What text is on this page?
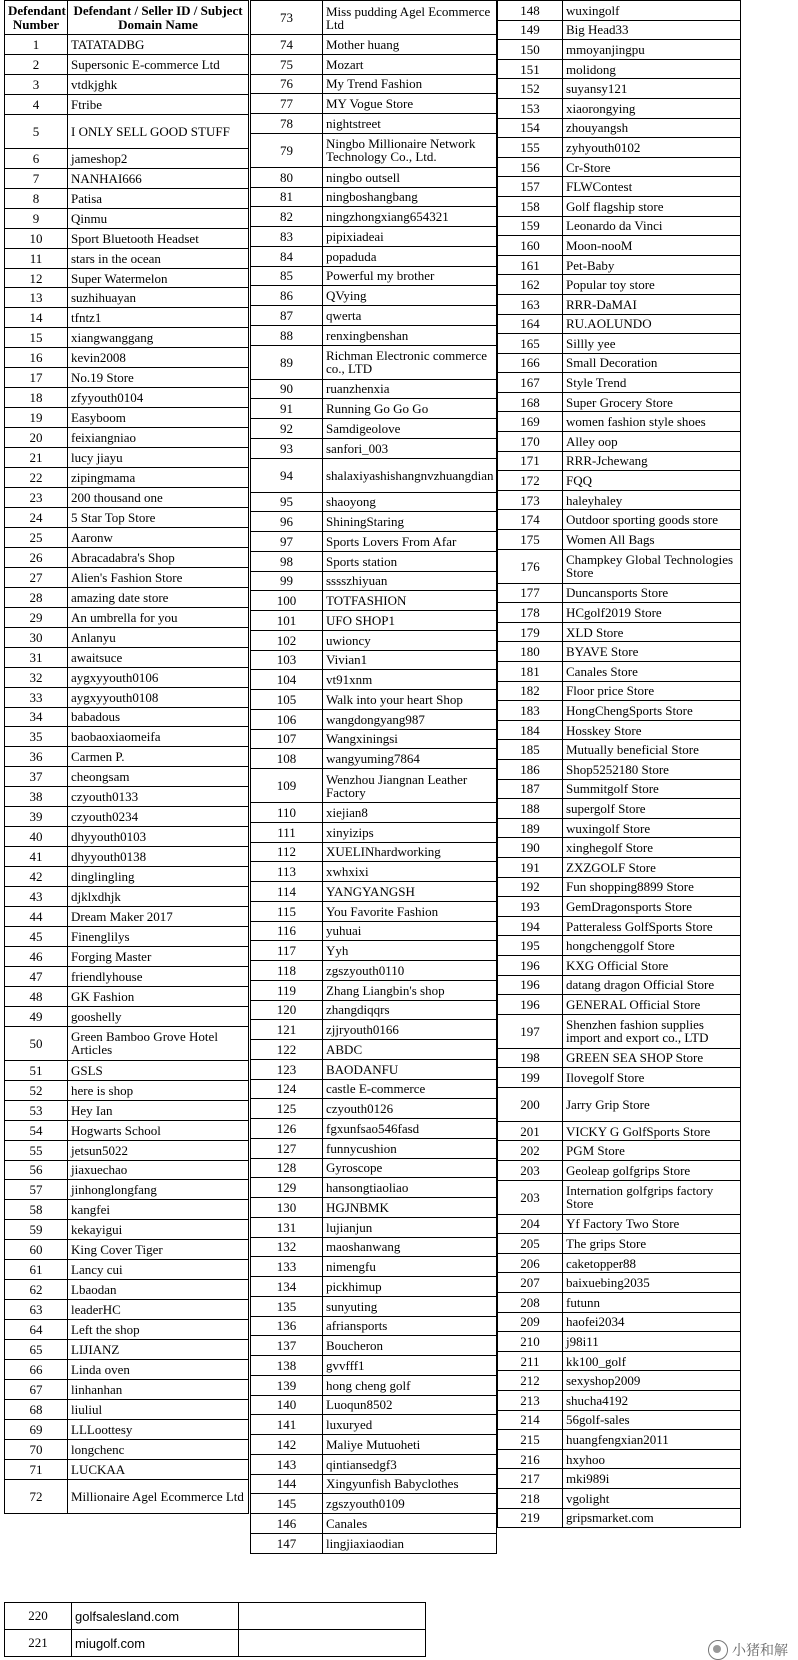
Defendant Number	Defendant / Seller ID / Subject Domain Name
1	TATATADBG
2	Supersonic E-commerce Ltd
3	vtdkjghk
4	Ftribe
5	I ONLY SELL GOOD STUFF
6	jameshop2
7	NANHAI666
8	Patisa
9	Qinmu
10	Sport Bluetooth Headset
11	stars in the ocean
12	Super Watermelon
13	suzhihuayan
14	tfntz1
15	xiangwanggang
16	kevin2008
17	No.19 Store
18	zfyyouth0104
19	Easyboom
20	feixiangniao
21	lucy jiayu
22	zipingmama
23	200 thousand one
24	5 Star Top Store
25	Aaronw
26	Abracadabra's Shop
27	Alien's Fashion Store
28	amazing date store
29	An umbrella for you
30	Anlanyu
31	awaitsuce
32	aygxyyouth0106
33	aygxyyouth0108
34	babadous
35	baobaoxiaomeifa
36	Carmen P.
37	cheongsam
38	czyouth0133
39	czyouth0234
40	dhyyouth0103
41	dhyyouth0138
42	dinglingling
43	djklxdhjk
44	Dream Maker 2017
45	Finenglilys
46	Forging Master
47	friendlyhouse
48	GK Fashion
49	gooshelly
50	Green Bamboo Grove Hotel Articles
51	GSLS
52	here is shop
53	Hey Ian
54	Hogwarts School
55	jetsun5022
56	jiaxuechao
57	jinhonglongfang
58	kangfei
59	kekayigui
60	King Cover Tiger
61	Lancy cui
62	Lbaodan
63	leaderHC
64	Left the shop
65	LIJIANZ
66	Linda oven
67	linhanhan
68	liuliul
69	LLLoottesy
70	longchenc
71	LUCKAA
72	Millionaire Agel Ecommerce Ltd
73	Miss pudding Agel Ecommerce Ltd
74	Mother huang
75	Mozart
76	My Trend Fashion
77	MY Vogue Store
78	nightstreet
79	Ningbo Millionaire Network Technology Co., Ltd.
80	ningbo outsell
81	ningboshangbang
82	ningzhongxiang654321
83	pipixiadeai
84	popaduda
85	Powerful my brother
86	QVying
87	qwerta
88	renxingbenshan
89	Richman Electronic commerce co., LTD
90	ruanzhenxia
91	Running Go Go Go
92	Samdigeolove
93	sanfori_003
94	shalaxiyashishangnvzhuangdian
95	shaoyong
96	ShiningStaring
97	Sports Lovers From Afar
98	Sports station
99	sssszhiyuan
100	TOTFASHION
101	UFO SHOP1
102	uwioncy
103	Vivian1
104	vt91xnm
105	Walk into your heart Shop
106	wangdongyang987
107	Wangxiningsi
108	wangyuming7864
109	Wenzhou Jiangnan Leather Factory
110	xiejian8
111	xinyizips
112	XUELINhardworking
113	xwhxixi
114	YANGYANGSH
115	You Favorite Fashion
116	yuhuai
117	Yyh
118	zgszyouth0110
119	Zhang Liangbin's shop
120	zhangdiqqrs
121	zjjryouth0166
122	ABDC
123	BAODANFU
124	castle E-commerce
125	czyouth0126
126	fgxunfsao546fasd
127	funnycushion
128	Gyroscope
129	hansongtiaoliao
130	HGJNBMK
131	lujianjun
132	maoshanwang
133	nimengfu
134	pickhimup
135	sunyuting
136	afriansports
137	Boucheron
138	gvvfff1
139	hong cheng golf
140	Luoqun8502
141	luxuryed
142	Maliye Mutuoheti
143	qintiansedgf3
144	Xingyunfish Babyclothes
145	zgszyouth0109
146	Canales
147	lingjiaxiaodian
148	wuxingolf
149	Big Head33
150	mmoyanjingpu
151	molidong
152	suyansy121
153	xiaorongying
154	zhouyangsh
155	zyhyouth0102
156	Cr-Store
157	FLWContest
158	Golf flagship store
159	Leonardo da Vinci
160	Moon-nooM
161	Pet-Baby
162	Popular toy store
163	RRR-DaMAI
164	RU.AOLUNDO
165	Sillly yee
166	Small Decoration
167	Style Trend
168	Super Grocery Store
169	women fashion style shoes
170	Alley oop
171	RRR-Jchewang
172	FQQ
173	haleyhaley
174	Outdoor sporting goods store
175	Women All Bags
176	Champkey Global Technologies Store
177	Duncansports Store
178	HCgolf2019 Store
179	XLD Store
180	BYAVE Store
181	Canales Store
182	Floor price Store
183	HongChengSports Store
184	Hosskey Store
185	Mutually beneficial Store
186	Shop5252180 Store
187	Summitgolf Store
188	supergolf Store
189	wuxingolf Store
190	xinghegolf Store
191	ZXZGOLF Store
192	Fun shopping8899 Store
193	GemDragonsports Store
194	Patteraless GolfSports Store
195	hongchenggolf Store
196	KXG Official Store
196	datang dragon Official Store
196	GENERAL Official Store
197	Shenzhen fashion supplies import and export co., LTD
198	GREEN SEA SHOP Store
199	Ilovegolf Store
200	Jarry Grip Store
201	VICKY G GolfSports Store
202	PGM Store
203	Geoleap golfgrips Store
203	Internation golfgrips factory Store
204	Yf Factory Two Store
205	The grips Store
206	caketopper88
207	baixuebing2035
208	futunn
209	haofei2034
210	j98i11
211	kk100_golf
212	sexyshop2009
213	shucha4192
214	56golf-sales
215	huangfengxian2011
216	hxyhoo
217	mki989i
218	vgolight
219	gripsmarket.com
220	golfsalesland.com	
221	miugolf.com		小猪和解
